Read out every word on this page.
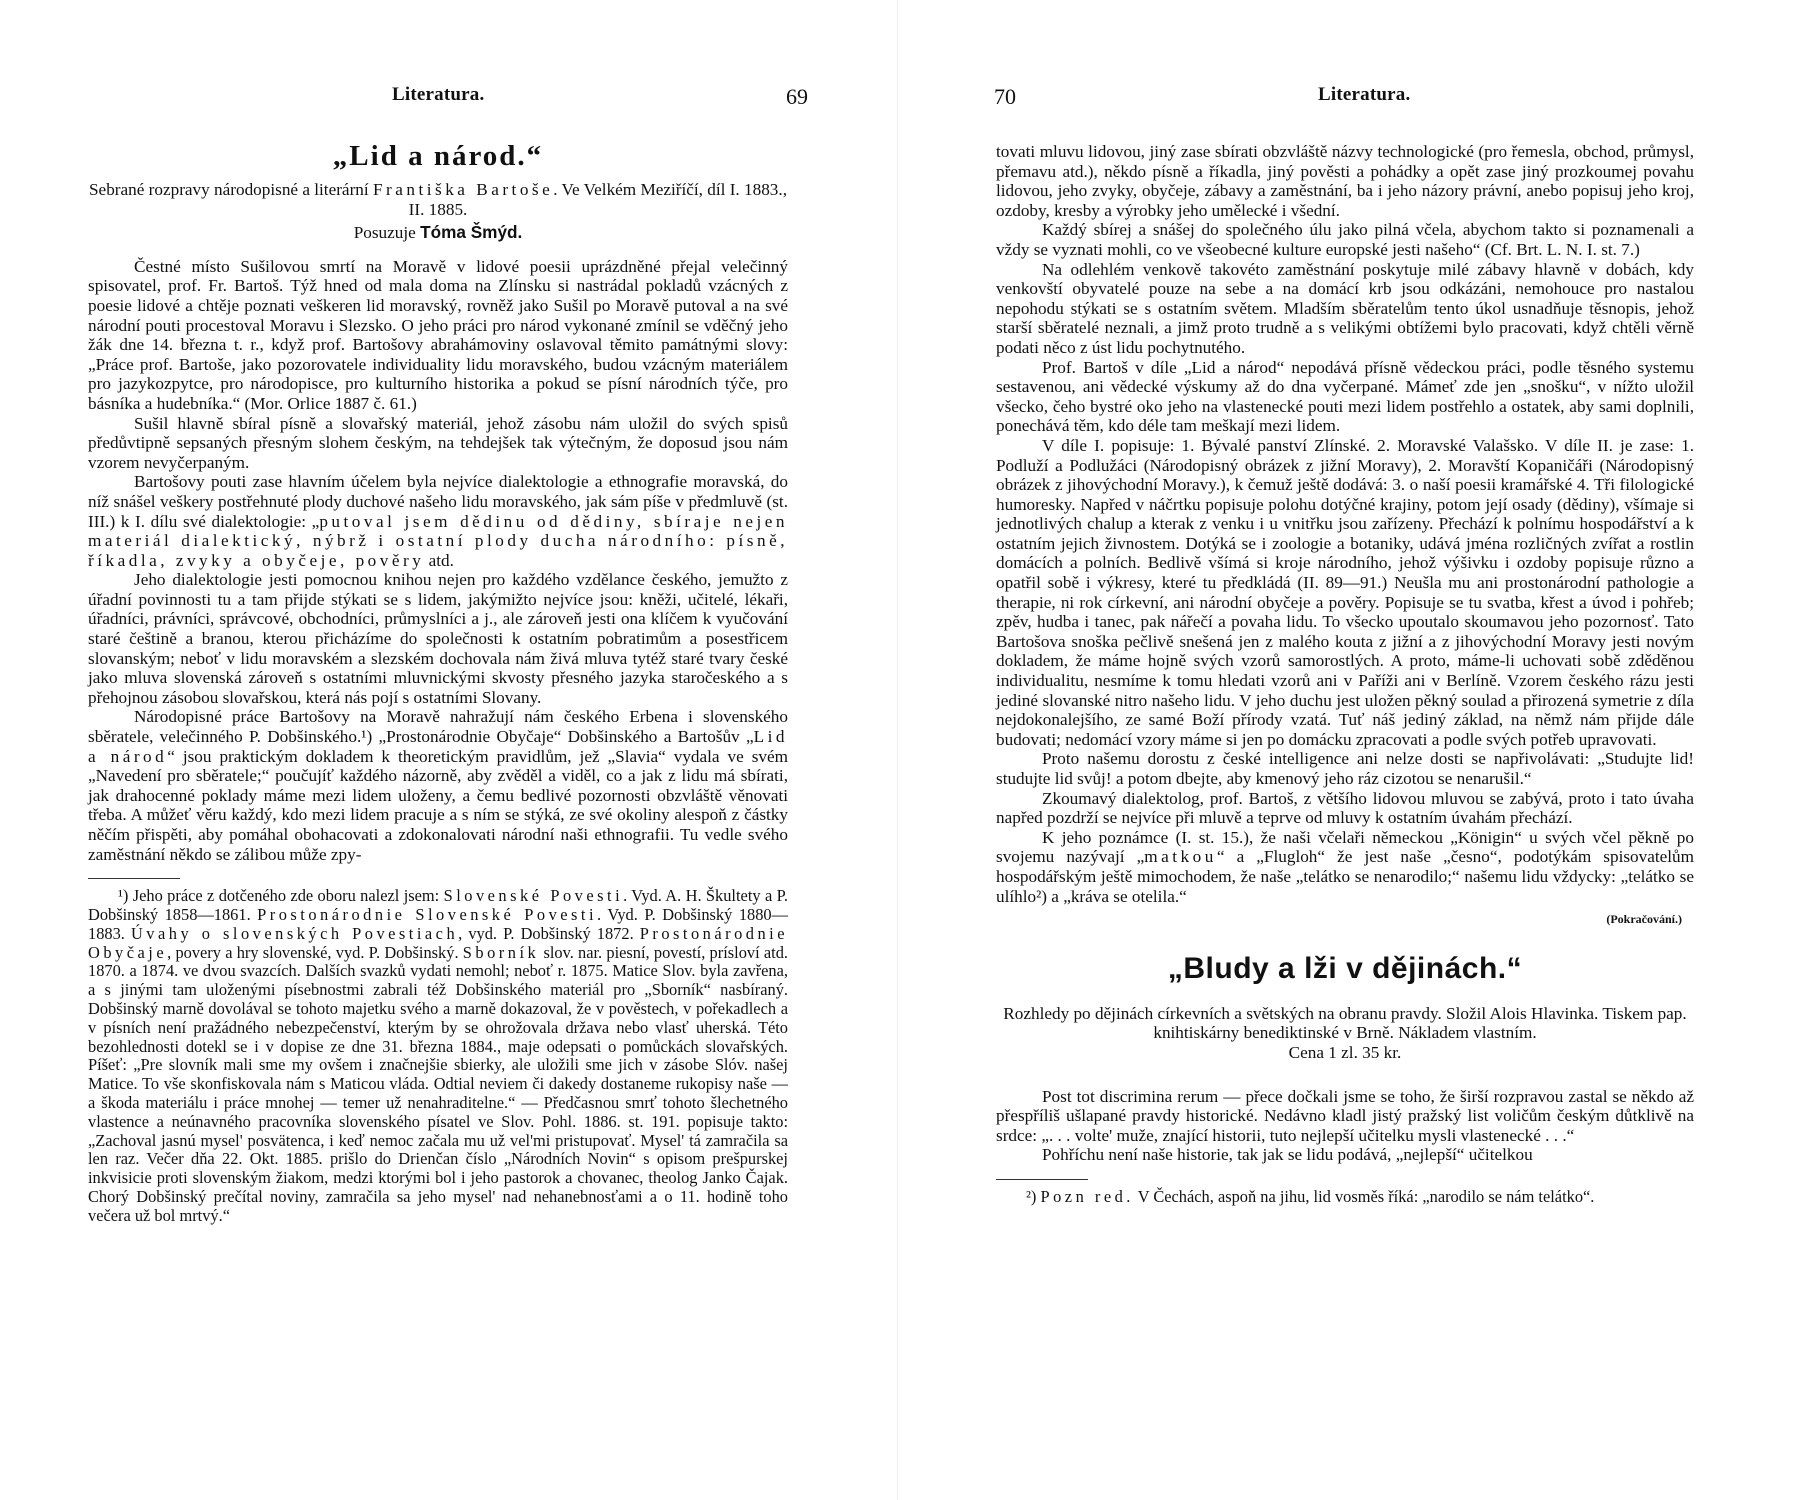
Literatura.	69
„Lid a národ.“
Sebrané rozpravy národopisné a literární Františka Bartoše. Ve Velkém Meziříčí, díl I. 1883., II. 1885.
Posuzuje Tóma Šmýd.

Čestné místo Sušilovou smrtí na Moravě v lidové poesii uprázdněné přejal velečinný spisovatel, prof. Fr. Bartoš. Týž hned od mala doma na Zlínsku si nastrádal pokladů vzácných z poesie lidové a chtěje poznati veškeren lid moravský, rovněž jako Sušil po Moravě putoval a na své národní pouti procestoval Moravu i Slezsko. O jeho práci pro národ vykonané zmínil se vděčný jeho žák dne 14. března t. r., když prof. Bartošovy abrahámoviny oslavoval těmito památnými slovy: „Práce prof. Bartoše, jako pozorovatele individuality lidu moravského, budou vzácným materiálem pro jazykozpytce, pro národopisce, pro kulturního historika a pokud se písní národních týče, pro básníka a hudebníka.“ (Mor. Orlice 1887 č. 61.)

Sušil hlavně sbíral písně a slovařský materiál, jehož zásobu nám uložil do svých spisů předůvtipně sepsaných přesným slohem českým, na tehdejšek tak výtečným, že doposud jsou nám vzorem nevyčerpaným.

Bartošovy pouti zase hlavním účelem byla nejvíce dialektologie a ethnografie moravská, do níž snášel veškery postřehnuté plody duchové našeho lidu moravského, jak sám píše v předmluvě (st. III.) k I. dílu své dialektologie: „putoval jsem dědinu od dědiny, sbíraje nejen materiál dialektický, nýbrž i ostatní plody ducha národního: písně, říkadla, zvyky a obyčeje, pověry atd.

Jeho dialektologie jesti pomocnou knihou nejen pro každého vzdělance českého, jemužto z úřadní povinnosti tu a tam přijde stýkati se s lidem, jakýmižto nejvíce jsou: kněži, učitelé, lékaři, úřadníci, právníci, správcové, obchodníci, průmyslníci a j., ale zároveň jesti ona klíčem k vyučování staré češtině a branou, kterou přicházíme do společnosti k ostatním pobratimům a posestřicem slovanským; neboť v lidu moravském a slezském dochovala nám živá mluva tytéž staré tvary české jako mluva slovenská zároveň s ostatními mluvnickými skvosty přesného jazyka staročeského a s přehojnou zásobou slovařskou, která nás pojí s ostatními Slovany.

Národopisné práce Bartošovy na Moravě nahražují nám českého Erbena i slovenského sběratele, velečinného P. Dobšinského.¹) „Prostonárodnie Obyčaje“ Dobšinského a Bartošův „Lid a národ“ jsou praktickým dokladem k theoretickým pravidlům, jež „Slavia“ vydala ve svém „Navedení pro sběratele;“ poučujíť každého názorně, aby zvěděl a viděl, co a jak z lidu má sbírati, jak drahocenné poklady máme mezi lidem uloženy, a čemu bedlivé pozornosti obzvláště věnovati třeba. A můžeť věru každý, kdo mezi lidem pracuje a s ním se stýká, ze své okoliny alespoň z částky něčím přispěti, aby pomáhal obohacovati a zdokonalovati národní naši ethnografii. Tu vedle svého zaměstnání někdo se zálibou může zpy-

¹) Jeho práce z dotčeného zde oboru nalezl jsem: Slovenské Povesti. Vyd. A. H. Škultety a P. Dobšinský 1858—1861. Prostonárodnie Slovenské Povesti. Vyd. P. Dobšinský 1880—1883. Úvahy o slovenských Povestiach, vyd. P. Dobšinský 1872. Prostonárodnie Obyčaje, povery a hry slovenské, vyd. P. Dobšinský. Sborník slov. nar. piesní, povestí, prísloví atd. 1870. a 1874. ve dvou svazcích. Dalších svazků vydati nemohl; neboť r. 1875. Matice Slov. byla zavřena, a s jinými tam uloženými písebnostmi zabrali též Dobšinského materiál pro „Sborník“ nasbíraný. Dobšinský marně dovolával se tohoto majetku svého a marně dokazoval, že v pověstech, v pořekadlech a v písních není pražádného nebezpečenství, kterým by se ohrožovala država nebo vlasť uherská. Této bezohlednosti dotekl se i v dopise ze dne 31. března 1884., maje odepsati o pomůckách slovařských. Píšeť: „Pre slovník mali sme my ovšem i značnejšie sbierky, ale uložili sme jich v zásobe Slóv. našej Matice. To vše skonfiskovala nám s Maticou vláda. Odtial neviem či dakedy dostaneme rukopisy naše — a škoda materiálu i práce mnohej — temer už nenahraditelne.“ — Předčasnou smrť tohoto šlechetného vlastence a neúnavného pracovníka slovenského písatel ve Slov. Pohl. 1886. st. 191. popisuje takto: „Zachoval jasnú mysel' posvätenca, i keď nemoc začala mu už vel'mi pristupovať. Mysel' tá zamračila sa len raz. Večer dňa 22. Okt. 1885. prišlo do Drienčan číslo „Národních Novin“ s opisom prešpurskej inkvisicie proti slovenským žiakom, medzi ktorými bol i jeho pastorok a chovanec, theolog Janko Čajak. Chorý Dobšinský prečítal noviny, zamračila sa jeho mysel' nad nehanebnosťami a o 11. hodině toho večera už bol mrtvý.“

70	Literatura.

tovati mluvu lidovou, jiný zase sbírati obzvláště názvy technologické (pro řemesla, obchod, průmysl, přemavu atd.), někdo písně a říkadla, jiný pověsti a pohádky a opět zase jiný prozkoumej povahu lidovou, jeho zvyky, obyčeje, zábavy a zaměstnání, ba i jeho názory právní, anebo popisuj jeho kroj, ozdoby, kresby a výrobky jeho umělecké i všední.

Každý sbírej a snášej do společného úlu jako pilná včela, abychom takto si poznamenali a vždy se vyznati mohli, co ve všeobecné kulture europské jesti našeho“ (Cf. Brt. L. N. I. st. 7.)

Na odlehlém venkově takovéto zaměstnání poskytuje milé zábavy hlavně v dobách, kdy venkovští obyvatelé pouze na sebe a na domácí krb jsou odkázáni, nemohouce pro nastalou nepohodu stýkati se s ostatním světem. Mladším sběratelům tento úkol usnadňuje těsnopis, jehož starší sběratelé neznali, a jimž proto trudně a s velikými obtížemi bylo pracovati, když chtěli věrně podati něco z úst lidu pochytnutého.

Prof. Bartoš v díle „Lid a národ“ nepodává přísně vědeckou práci, podle těsného systemu sestavenou, ani vědecké výskumy až do dna vyčerpané. Mámeť zde jen „snošku“, v nížto uložil všecko, čeho bystré oko jeho na vlastenecké pouti mezi lidem postřehlo a ostatek, aby sami doplnili, ponechává těm, kdo déle tam meškají mezi lidem.

V díle I. popisuje: 1. Bývalé panství Zlínské. 2. Moravské Valašsko. V díle II. je zase: 1. Podluží a Podlužáci (Národopisný obrázek z jižní Moravy), 2. Moravští Kopaničáři (Národopisný obrázek z jihovýchodní Moravy.), k čemuž ještě dodává: 3. o naší poesii kramářské 4. Tři filologické humoresky. Napřed v náčrtku popisuje polohu dotýčné krajiny, potom její osady (dědiny), všímaje si jednotlivých chalup a kterak z venku i u vnitřku jsou zařízeny. Přechází k polnímu hospodářství a k ostatním jejich živnostem. Dotýká se i zoologie a botaniky, udává jména rozličných zvířat a rostlin domácích a polních. Bedlivě všímá si kroje národního, jehož výšivku i ozdoby popisuje různo a opatřil sobě i výkresy, které tu předkládá (II. 89—91.) Neušla mu ani prostonárodní pathologie a therapie, ni rok církevní, ani národní obyčeje a pověry. Popisuje se tu svatba, křest a úvod i pohřeb; zpěv, hudba i tanec, pak nářečí a povaha lidu. To všecko upoutalo skoumavou jeho pozornosť. Tato Bartošova snoška pečlivě snešená jen z malého kouta z jižní a z jihovýchodní Moravy jesti novým dokladem, že máme hojně svých vzorů samorostlých. A proto, máme-li uchovati sobě zděděnou individualitu, nesmíme k tomu hledati vzorů ani v Paříži ani v Berlíně. Vzorem českého rázu jesti jediné slovanské nitro našeho lidu. V jeho duchu jest uložen pěkný soulad a přirozená symetrie z díla nejdokonalejšího, ze samé Boží přírody vzatá. Tuť náš jediný základ, na němž nám přijde dále budovati; nedomácí vzory máme si jen po domácku zpracovati a podle svých potřeb upravovati.

Proto našemu dorostu z české intelligence ani nelze dosti se napřivolávati: „Studujte lid! studujte lid svůj! a potom dbejte, aby kmenový jeho ráz cizotou se nenarušil.“

Zkoumavý dialektolog, prof. Bartoš, z většího lidovou mluvou se zabývá, proto i tato úvaha napřed pozdrží se nejvíce při mluvě a teprve od mluvy k ostatním úvahám přechází.

K jeho poznámce (I. st. 15.), že naši včelaři německou „Königin“ u svých včel pěkně po svojemu nazývají „matkou“ a „Flugloh“ že jest naše „česno“, podotýkám spisovatelům hospodářským ještě mimochodem, že naše „telátko se nenarodilo;“ našemu lidu vždycky: „telátko se ulíhlo²) a „kráva se otelila.“

(Pokračování.)
„Bludy a lži v dějinách.“
Rozhledy po dějinách církevních a světských na obranu pravdy. Složil Alois Hlavinka. Tiskem pap. knihtiskárny benediktinské v Brně. Nákladem vlastním.
Cena 1 zl. 35 kr.

Post tot discrimina rerum — přece dočkali jsme se toho, že širší rozpravou zastal se někdo až přespříliš ušlapané pravdy historické. Nedávno kladl jistý pražský list voličům českým důtklivě na srdce: „. . . volte' muže, znající historii, tuto nejlepší učitelku mysli vlastenecké . . .“

Pohříchu není naše historie, tak jak se lidu podává, „nejlepší“ učitelkou

²) Pozn red. V Čechách, aspoň na jihu, lid vosměs říká: „narodilo se nám telátko“.
